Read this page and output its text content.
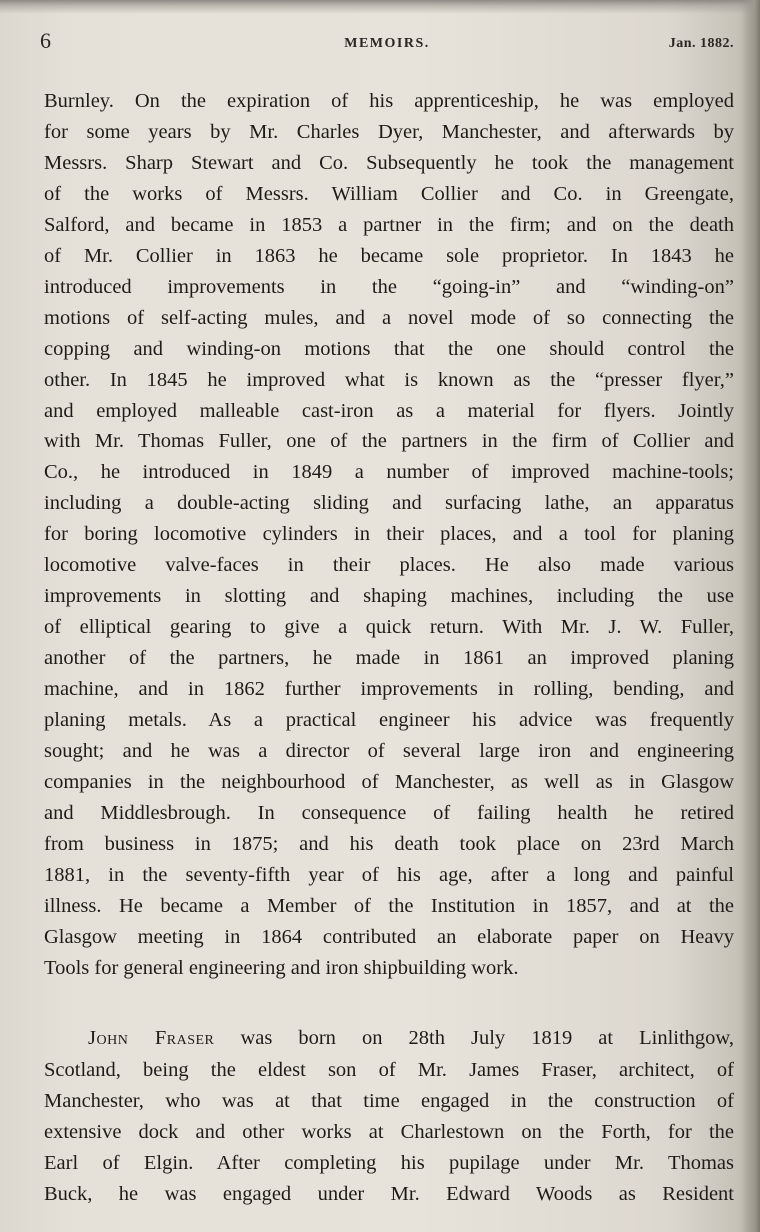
6	MEMOIRS.	Jan. 1882.

Burnley. On the expiration of his apprenticeship, he was employed

for some years by Mr. Charles Dyer, Manchester, and afterwards by

Messrs. Sharp Stewart and Co. Subsequently he took the management

of the works of Messrs. William Collier and Co. in Greengate,

Salford, and became in 1853 a partner in the firm; and on the death

of Mr. Collier in 1863 he became sole proprietor. In 1843 he

introduced improvements in the “going-in” and “winding-on”

motions of self-acting mules, and a novel mode of so connecting the

copping and winding-on motions that the one should control the

other. In 1845 he improved what is known as the “presser flyer,”

and employed malleable cast-iron as a material for flyers. Jointly

with Mr. Thomas Fuller, one of the partners in the firm of Collier and

Co., he introduced in 1849 a number of improved machine-tools;

including a double-acting sliding and surfacing lathe, an apparatus

for boring locomotive cylinders in their places, and a tool for planing

locomotive valve-faces in their places. He also made various

improvements in slotting and shaping machines, including the use

of elliptical gearing to give a quick return. With Mr. J. W. Fuller,

another of the partners, he made in 1861 an improved planing

machine, and in 1862 further improvements in rolling, bending, and

planing metals. As a practical engineer his advice was frequently

sought; and he was a director of several large iron and engineering

companies in the neighbourhood of Manchester, as well as in Glasgow

and Middlesbrough. In consequence of failing health he retired

from business in 1875; and his death took place on 23rd March

1881, in the seventy-fifth year of his age, after a long and painful

illness. He became a Member of the Institution in 1857, and at the

Glasgow meeting in 1864 contributed an elaborate paper on Heavy

Tools for general engineering and iron shipbuilding work.

John Fraser was born on 28th July 1819 at Linlithgow,

Scotland, being the eldest son of Mr. James Fraser, architect, of

Manchester, who was at that time engaged in the construction of

extensive dock and other works at Charlestown on the Forth, for the

Earl of Elgin. After completing his pupilage under Mr. Thomas

Buck, he was engaged under Mr. Edward Woods as Resident
